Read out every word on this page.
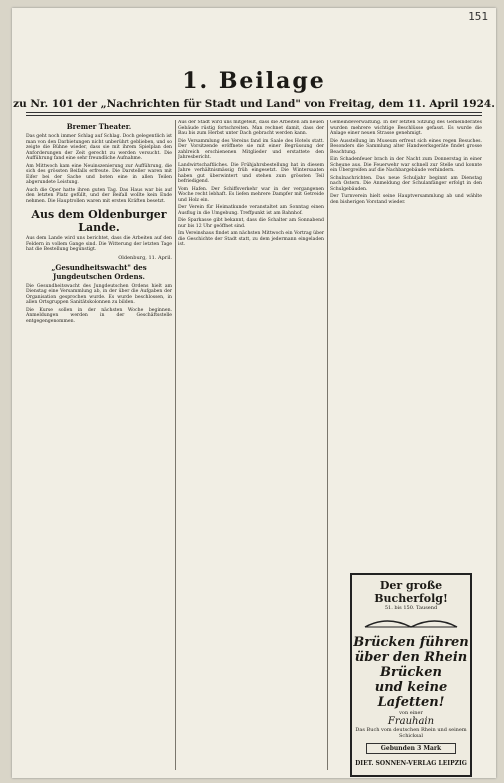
151
1. Beilage
zu Nr. 101 der „Nachrichten für Stadt und Land" von Freitag, dem 11. April 1924.
Bremer Theater.

Das geht noch immer Schlag auf Schlag. Doch gelegentlich ist man von den Darbietungen nicht unberührt geblieben, und so zeigte die Bühne wieder, dass sie mit ihrem Spielplan den Anforderungen der Zeit gerecht zu werden versucht. Die Aufführung fand eine sehr freundliche Aufnahme.

Am Mittwoch kam eine Neuinszenierung zur Aufführung, die sich des grössten Beifalls erfreute. Die Darsteller waren mit Eifer bei der Sache und boten eine in allen Teilen abgerundete Leistung.

Auch die Oper hatte ihren guten Tag. Das Haus war bis auf den letzten Platz gefüllt, und der Beifall wollte kein Ende nehmen. Die Hauptrollen waren mit ersten Kräften besetzt.

Aus dem Oldenburger Lande.

Aus dem Lande wird uns berichtet, dass die Arbeiten auf den Feldern in vollem Gange sind. Die Witterung der letzten Tage hat die Bestellung begünstigt.

Oldenburg, 11. April.
„Gesundheitswacht" des Jungdeutschen Ordens.

Die Gesundheitswacht des Jungdeutschen Ordens hielt am Dienstag eine Versammlung ab, in der über die Aufgaben der Organisation gesprochen wurde. Es wurde beschlossen, in allen Ortsgruppen Sanitätskolonnen zu bilden.

Die Kurse sollen in der nächsten Woche beginnen. Anmeldungen werden in der Geschäftsstelle entgegengenommen.

Aus der Stadt wird uns mitgeteilt, dass die Arbeiten am neuen Gebäude rüstig fortschreiten. Man rechnet damit, dass der Bau bis zum Herbst unter Dach gebracht werden kann.

Die Versammlung des Vereins fand im Saale des Hotels statt. Der Vorsitzende eröffnete sie mit einer Begrüssung der zahlreich erschienenen Mitglieder und erstattete den Jahresbericht.

Landwirtschaftliches. Die Frühjahrsbestellung hat in diesem Jahre verhältnismässig früh eingesetzt. Die Wintersaaten haben gut überwintert und stehen zum grössten Teil befriedigend.

Vom Hafen. Der Schiffsverkehr war in der vergangenen Woche recht lebhaft. Es liefen mehrere Dampfer mit Getreide und Holz ein.

Der Verein für Heimatkunde veranstaltet am Sonntag einen Ausflug in die Umgebung. Treffpunkt ist am Bahnhof.

Die Sparkasse gibt bekannt, dass die Schalter am Sonnabend nur bis 12 Uhr geöffnet sind.

Im Vereinshaus findet am nächsten Mittwoch ein Vortrag über die Geschichte der Stadt statt, zu dem jedermann eingeladen ist.

Gemeindeverwaltung. In der letzten Sitzung des Gemeinderates wurden mehrere wichtige Beschlüsse gefasst. Es wurde die Anlage einer neuen Strasse genehmigt.

Die Ausstellung im Museum erfreut sich eines regen Besuches. Besonders die Sammlung alter Handwerksgeräte findet grosse Beachtung.

Ein Schadenfeuer brach in der Nacht zum Donnerstag in einer Scheune aus. Die Feuerwehr war schnell zur Stelle und konnte ein Übergreifen auf die Nachbargebäude verhindern.

Schulnachrichten. Das neue Schuljahr beginnt am Dienstag nach Ostern. Die Anmeldung der Schulanfänger erfolgt in den Schulgebäuden.

Der Turnverein hielt seine Hauptversammlung ab und wählte den bisherigen Vorstand wieder.

Der große Bucherfolg!
51. bis 150. Tausend
Brücken führen
über den Rhein
Brücken
und keine
Lafetten!
von einer
Frauhain
Das Buch vom deutschen Rhein und seinem Schicksal
Gebunden 3 Mark
DIET. SONNEN-VERLAG LEIPZIG
